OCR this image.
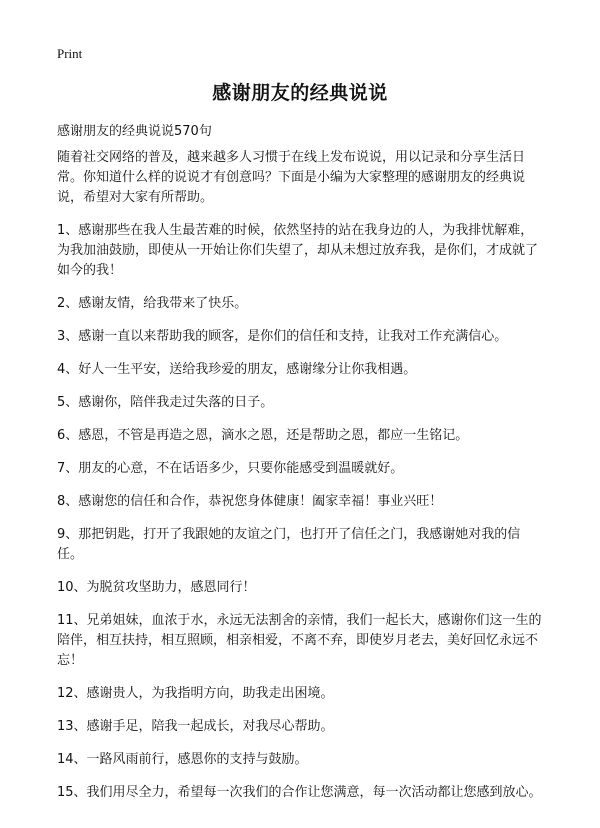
Print
感谢朋友的经典说说
感谢朋友的经典说说570句

随着社交网络的普及，越来越多人习惯于在线上发布说说，用以记录和分享生活日常。你知道什么样的说说才有创意吗？下面是小编为大家整理的感谢朋友的经典说说，希望对大家有所帮助。

1、感谢那些在我人生最苦难的时候，依然坚持的站在我身边的人，为我排忧解难，为我加油鼓励，即使从一开始让你们失望了，却从未想过放弃我，是你们，才成就了如今的我！

2、感谢友情，给我带来了快乐。

3、感谢一直以来帮助我的顾客，是你们的信任和支持，让我对工作充满信心。

4、好人一生平安，送给我珍爱的朋友，感谢缘分让你我相遇。

5、感谢你，陪伴我走过失落的日子。

6、感恩，不管是再造之恩，滴水之恩，还是帮助之恩，都应一生铭记。

7、朋友的心意，不在话语多少，只要你能感受到温暖就好。

8、感谢您的信任和合作，恭祝您身体健康！阖家幸福！事业兴旺！

9、那把钥匙，打开了我跟她的友谊之门，也打开了信任之门，我感谢她对我的信任。

10、为脱贫攻坚助力，感恩同行！

11、兄弟姐妹，血浓于水，永远无法割舍的亲情，我们一起长大，感谢你们这一生的陪伴，相互扶持，相互照顾，相亲相爱，不离不弃，即使岁月老去，美好回忆永远不忘！

12、感谢贵人，为我指明方向，助我走出困境。

13、感谢手足，陪我一起成长，对我尽心帮助。

14、一路风雨前行，感恩你的支持与鼓励。

15、我们用尽全力，希望每一次我们的合作让您满意，每一次活动都让您感到放心。
